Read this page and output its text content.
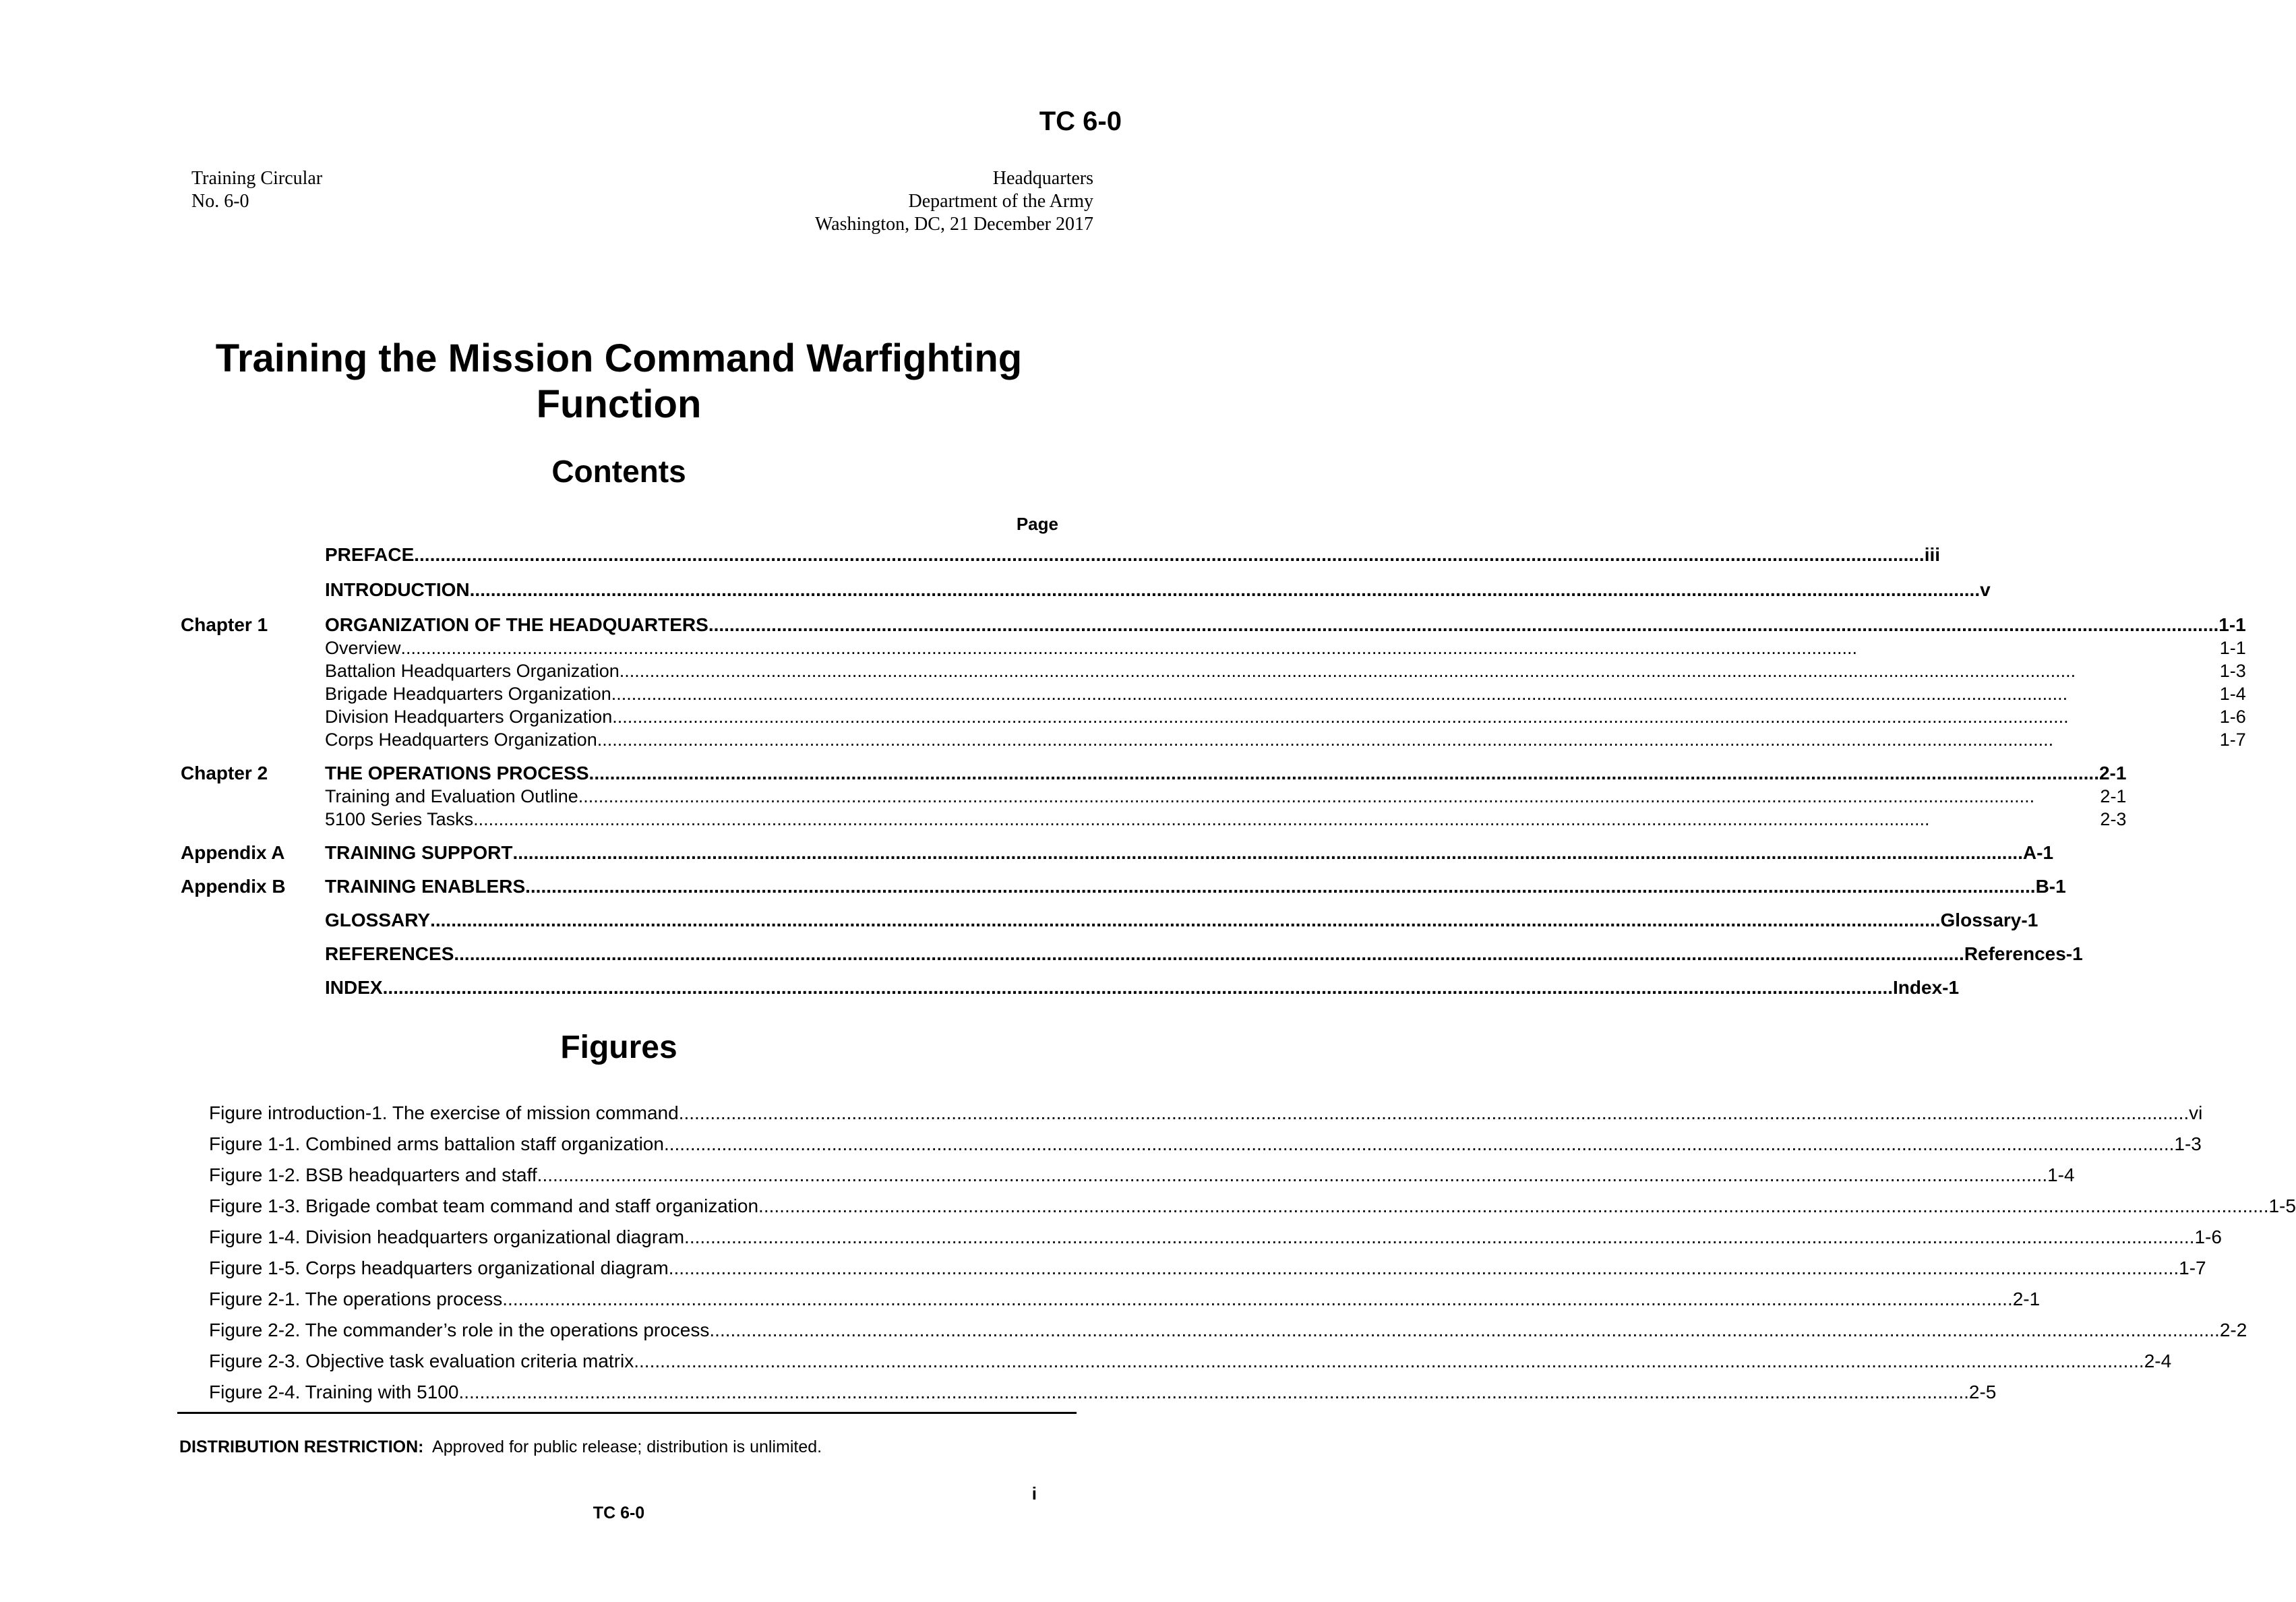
TC 6-0
Training Circular
No. 6-0
Headquarters
Department of the Army
Washington, DC, 21 December 2017
Training the Mission Command Warfighting
Function
Contents
Page
PREFACE .....	iii
INTRODUCTION .....	v
Chapter 1	ORGANIZATION OF THE HEADQUARTERS .....	1-1
Overview .....	1-1
Battalion Headquarters Organization .....	1-3
Brigade Headquarters Organization .....	1-4
Division Headquarters Organization .....	1-6
Corps Headquarters Organization .....	1-7
Chapter 2	THE OPERATIONS PROCESS .....	2-1
Training and Evaluation Outline .....	2-1
5100 Series Tasks .....	2-3
Appendix A	TRAINING SUPPORT .....	A-1
Appendix B	TRAINING ENABLERS .....	B-1
GLOSSARY .....	Glossary-1
REFERENCES .....	References-1
INDEX .....	Index-1
Figures
Figure introduction-1. The exercise of mission command .....	vi
Figure 1-1. Combined arms battalion staff organization .....	1-3
Figure 1-2. BSB headquarters and staff .....	1-4
Figure 1-3. Brigade combat team command and staff organization .....	1-5
Figure 1-4. Division headquarters organizational diagram .....	1-6
Figure 1-5. Corps headquarters organizational diagram .....	1-7
Figure 2-1. The operations process .....	2-1
Figure 2-2. The commander’s role in the operations process .....	2-2
Figure 2-3. Objective task evaluation criteria matrix .....	2-4
Figure 2-4. Training with 5100 .....	2-5
DISTRIBUTION RESTRICTION: Approved for public release; distribution is unlimited.
i
TC 6-0
